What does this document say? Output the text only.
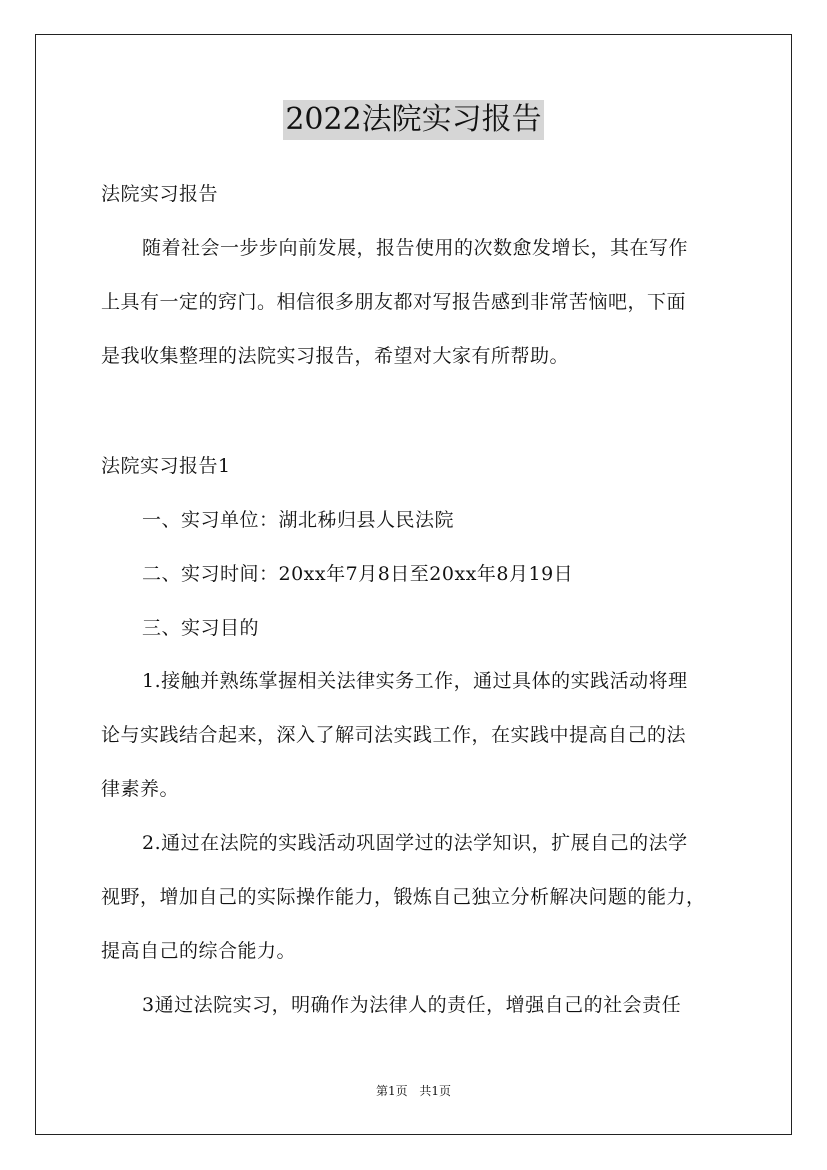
2022法院实习报告
法院实习报告
随着社会一步步向前发展，报告使用的次数愈发增长，其在写作
上具有一定的窍门。相信很多朋友都对写报告感到非常苦恼吧，下面
是我收集整理的法院实习报告，希望对大家有所帮助。
法院实习报告1
一、实习单位：湖北秭归县人民法院
二、实习时间：20xx年7月8日至20xx年8月19日
三、实习目的
1.接触并熟练掌握相关法律实务工作，通过具体的实践活动将理
论与实践结合起来，深入了解司法实践工作，在实践中提高自己的法
律素养。
2.通过在法院的实践活动巩固学过的法学知识，扩展自己的法学
视野，增加自己的实际操作能力，锻炼自己独立分析解决问题的能力，
提高自己的综合能力。
3通过法院实习，明确作为法律人的责任，增强自己的社会责任
第1页 共1页
